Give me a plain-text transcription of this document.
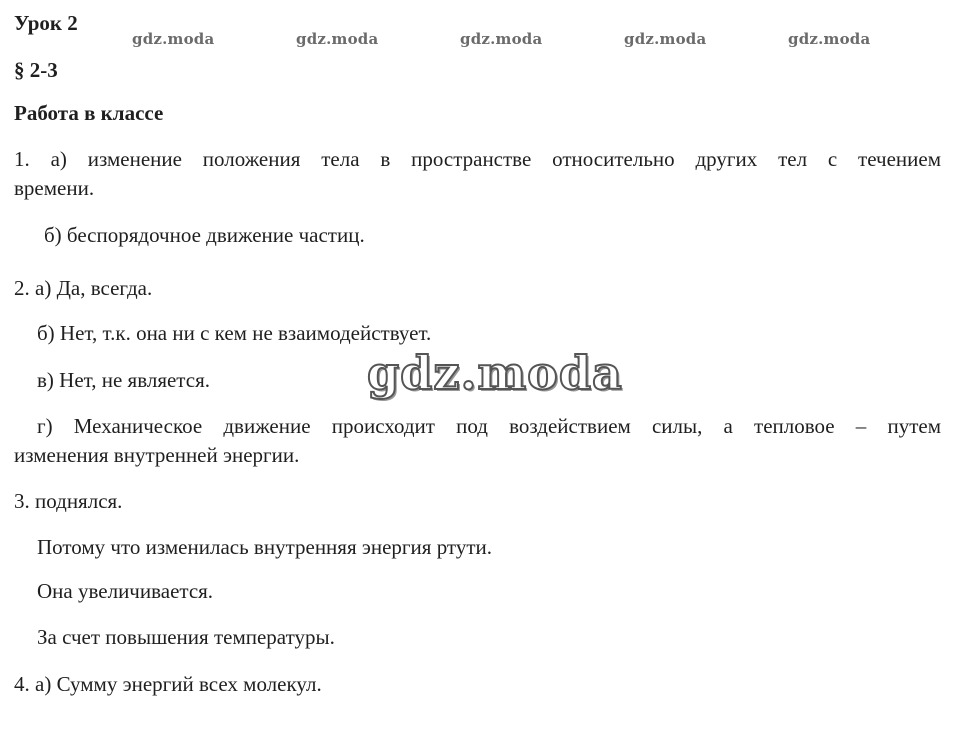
Урок 2
§ 2-3
Работа в классе
gdz.moda	gdz.moda	gdz.moda	gdz.moda	gdz.moda
1. а) изменение положения тела в пространстве относительно других тел с течением
времени.
б) беспорядочное движение частиц.
2. а) Да, всегда.
б) Нет, т.к. она ни с кем не взаимодействует.
в) Нет, не является.
г) Механическое движение происходит под воздействием силы, а тепловое – путем
изменения внутренней энергии.
3. поднялся.
Потому что изменилась внутренняя энергия ртути.
Она увеличивается.
За счет повышения температуры.
4. а) Сумму энергий всех молекул.
gdz.moda
